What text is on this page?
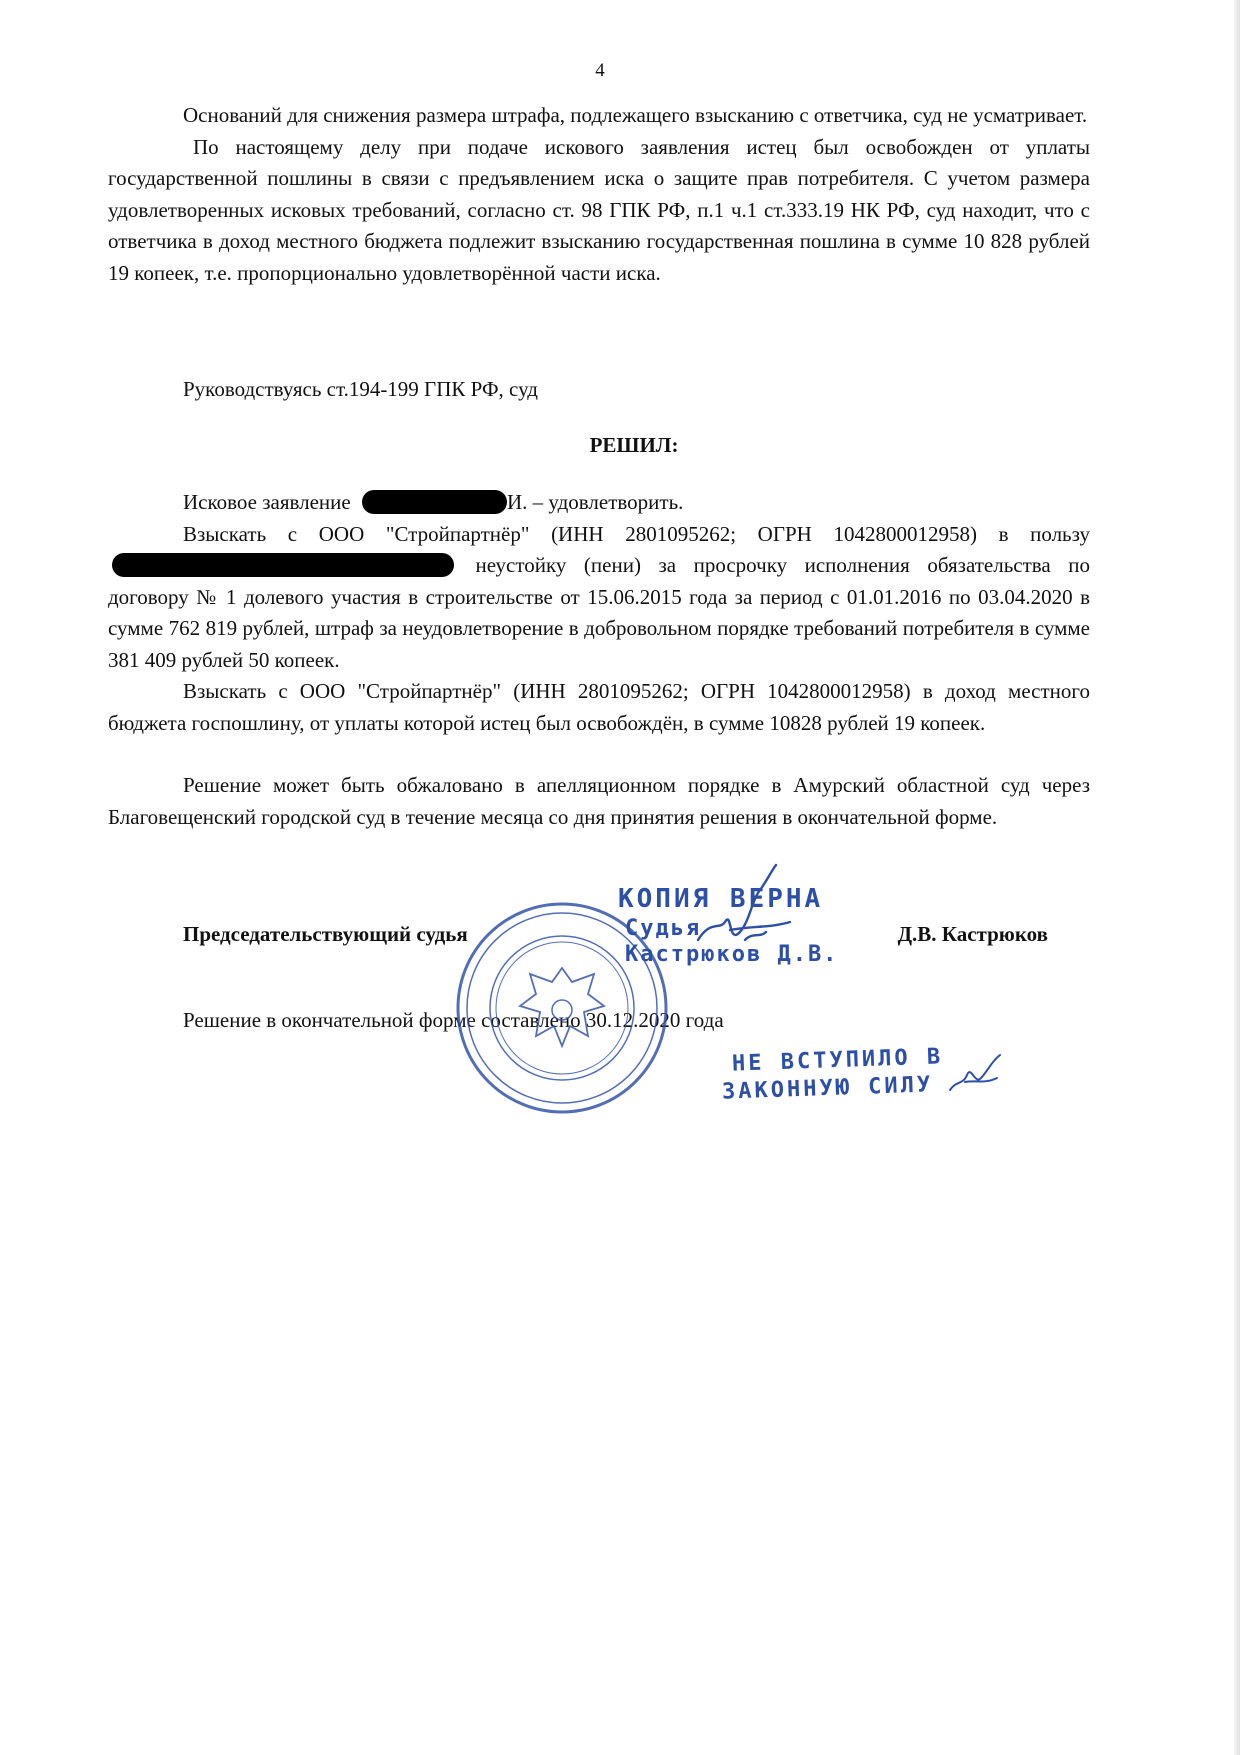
4

Оснований для снижения размера штрафа, подлежащего взысканию с ответчика, суд не усматривает.

По настоящему делу при подаче искового заявления истец был освобожден от уплаты государственной пошлины в связи с предъявлением иска о защите прав потребителя. С учетом размера удовлетворенных исковых требований, согласно ст. 98 ГПК РФ, п.1 ч.1 ст.333.19 НК РФ, суд находит, что с ответчика в доход местного бюджета подлежит взысканию государственная пошлина в сумме 10 828 рублей 19 копеек, т.е. пропорционально удовлетворённой части иска.

Руководствуясь ст.194-199 ГПК РФ, суд

РЕШИЛ:

Исковое заявление	И. – удовлетворить.

Взыскать с ООО "Стройпартнёр" (ИНН 2801095262; ОГРН 1042800012958) в пользу  неустойку (пени) за просрочку исполнения обязательства по договору № 1 долевого участия в строительстве от 15.06.2015 года за период с 01.01.2016 по 03.04.2020 в сумме 762 819 рублей, штраф за неудовлетворение в добровольном порядке требований потребителя в сумме 381 409 рублей 50 копеек.

Взыскать с ООО "Стройпартнёр" (ИНН 2801095262; ОГРН 1042800012958) в доход местного бюджета госпошлину, от уплаты которой истец был освобождён, в сумме 10828 рублей 19 копеек.

Решение может быть обжаловано в апелляционном порядке в Амурский областной суд через Благовещенский городской суд в течение месяца со дня принятия решения в окончательной форме.

Председательствующий судья	Д.В. Кастрюков
Решение в окончательной форме составлено 30.12.2020 года
КОПИЯ ВЕРНА
Судья
Кастрюков Д.В.
НЕ ВСТУПИЛО В
ЗАКОННУЮ СИЛУ
